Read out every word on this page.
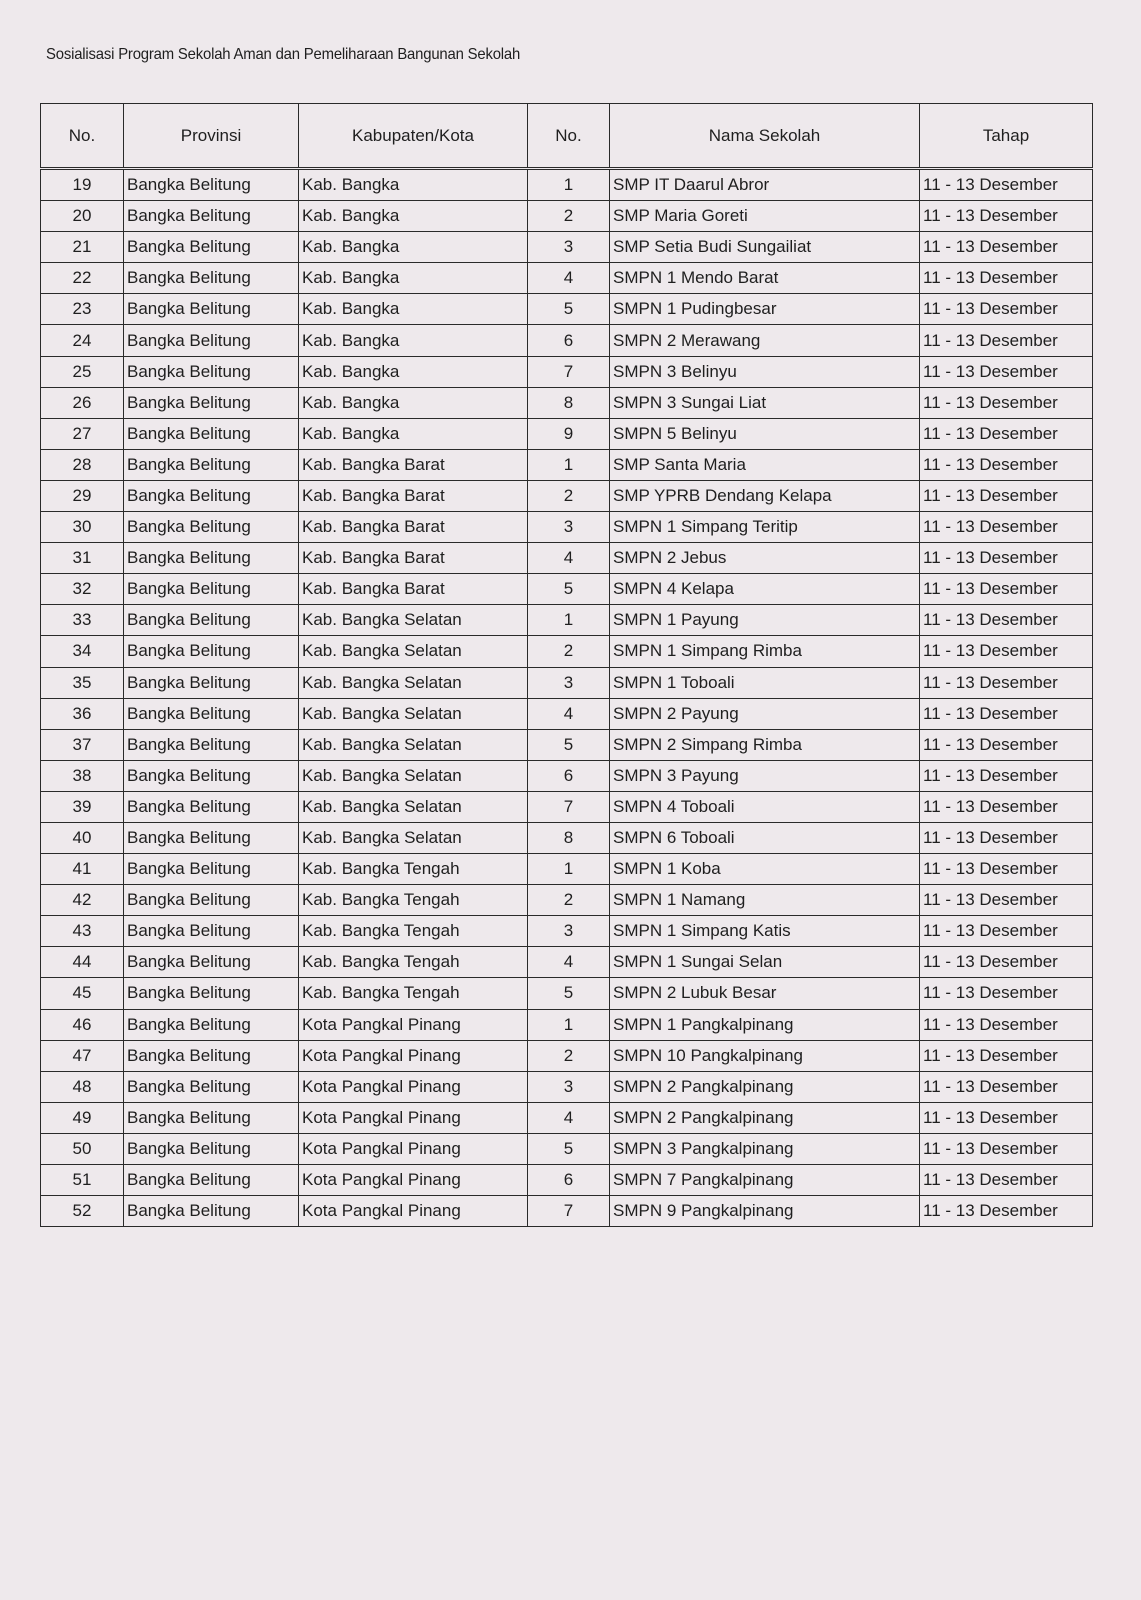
Sosialisasi Program Sekolah Aman dan Pemeliharaan Bangunan Sekolah
No.	Provinsi	Kabupaten/Kota	No.	Nama Sekolah	Tahap
19	Bangka Belitung	Kab. Bangka	1	SMP IT Daarul Abror	11 - 13 Desember
20	Bangka Belitung	Kab. Bangka	2	SMP Maria Goreti	11 - 13 Desember
21	Bangka Belitung	Kab. Bangka	3	SMP Setia Budi Sungailiat	11 - 13 Desember
22	Bangka Belitung	Kab. Bangka	4	SMPN 1 Mendo Barat	11 - 13 Desember
23	Bangka Belitung	Kab. Bangka	5	SMPN 1 Pudingbesar	11 - 13 Desember
24	Bangka Belitung	Kab. Bangka	6	SMPN 2 Merawang	11 - 13 Desember
25	Bangka Belitung	Kab. Bangka	7	SMPN 3 Belinyu	11 - 13 Desember
26	Bangka Belitung	Kab. Bangka	8	SMPN 3 Sungai Liat	11 - 13 Desember
27	Bangka Belitung	Kab. Bangka	9	SMPN 5 Belinyu	11 - 13 Desember
28	Bangka Belitung	Kab. Bangka Barat	1	SMP Santa Maria	11 - 13 Desember
29	Bangka Belitung	Kab. Bangka Barat	2	SMP YPRB Dendang Kelapa	11 - 13 Desember
30	Bangka Belitung	Kab. Bangka Barat	3	SMPN 1 Simpang Teritip	11 - 13 Desember
31	Bangka Belitung	Kab. Bangka Barat	4	SMPN 2 Jebus	11 - 13 Desember
32	Bangka Belitung	Kab. Bangka Barat	5	SMPN 4 Kelapa	11 - 13 Desember
33	Bangka Belitung	Kab. Bangka Selatan	1	SMPN 1 Payung	11 - 13 Desember
34	Bangka Belitung	Kab. Bangka Selatan	2	SMPN 1 Simpang Rimba	11 - 13 Desember
35	Bangka Belitung	Kab. Bangka Selatan	3	SMPN 1 Toboali	11 - 13 Desember
36	Bangka Belitung	Kab. Bangka Selatan	4	SMPN 2 Payung	11 - 13 Desember
37	Bangka Belitung	Kab. Bangka Selatan	5	SMPN 2 Simpang Rimba	11 - 13 Desember
38	Bangka Belitung	Kab. Bangka Selatan	6	SMPN 3 Payung	11 - 13 Desember
39	Bangka Belitung	Kab. Bangka Selatan	7	SMPN 4 Toboali	11 - 13 Desember
40	Bangka Belitung	Kab. Bangka Selatan	8	SMPN 6 Toboali	11 - 13 Desember
41	Bangka Belitung	Kab. Bangka Tengah	1	SMPN 1 Koba	11 - 13 Desember
42	Bangka Belitung	Kab. Bangka Tengah	2	SMPN 1 Namang	11 - 13 Desember
43	Bangka Belitung	Kab. Bangka Tengah	3	SMPN 1 Simpang Katis	11 - 13 Desember
44	Bangka Belitung	Kab. Bangka Tengah	4	SMPN 1 Sungai Selan	11 - 13 Desember
45	Bangka Belitung	Kab. Bangka Tengah	5	SMPN 2 Lubuk Besar	11 - 13 Desember
46	Bangka Belitung	Kota Pangkal Pinang	1	SMPN 1 Pangkalpinang	11 - 13 Desember
47	Bangka Belitung	Kota Pangkal Pinang	2	SMPN 10 Pangkalpinang	11 - 13 Desember
48	Bangka Belitung	Kota Pangkal Pinang	3	SMPN 2 Pangkalpinang	11 - 13 Desember
49	Bangka Belitung	Kota Pangkal Pinang	4	SMPN 2 Pangkalpinang	11 - 13 Desember
50	Bangka Belitung	Kota Pangkal Pinang	5	SMPN 3 Pangkalpinang	11 - 13 Desember
51	Bangka Belitung	Kota Pangkal Pinang	6	SMPN 7 Pangkalpinang	11 - 13 Desember
52	Bangka Belitung	Kota Pangkal Pinang	7	SMPN 9 Pangkalpinang	11 - 13 Desember
